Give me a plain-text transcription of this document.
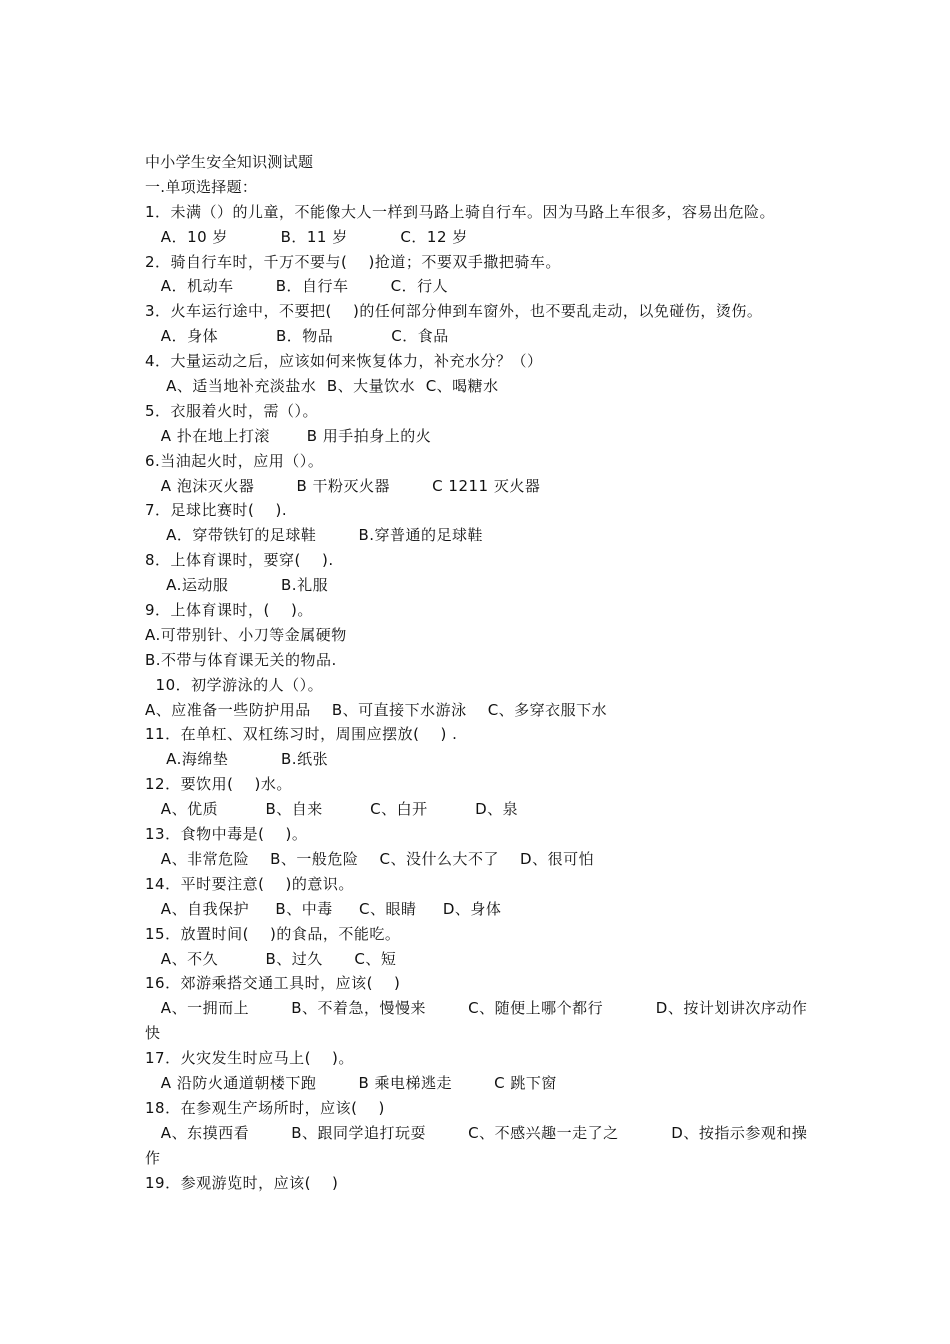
中小学生安全知识测试题
一.单项选择题：
1．未满（）的儿童，不能像大人一样到马路上骑自行车。因为马路上车很多，容易出危险。
A．10 岁          B．11 岁          C．12 岁
2．骑自行车时，千万不要与(    )抢道；不要双手撒把骑车。
A．机动车        B．自行车        C．行人
3．火车运行途中，不要把(    )的任何部分伸到车窗外，也不要乱走动，以免碰伤，烫伤。
A．身体           B．物品           C．食品
4．大量运动之后，应该如何来恢复体力，补充水分？（）
A、适当地补充淡盐水  B、大量饮水  C、喝糖水
5．衣服着火时，需（）。
A 扑在地上打滚       B 用手拍身上的火
6.当油起火时，应用（）。
A 泡沫灭火器        B 干粉灭火器        C 1211 灭火器
7．足球比赛时(    ).
A．穿带铁钉的足球鞋        B.穿普通的足球鞋
8．上体育课时，要穿(    ).
A.运动服          B.礼服
9．上体育课时，(    )。
A.可带别针、小刀等金属硬物
B.不带与体育课无关的物品.
10．初学游泳的人（）。
A、应准备一些防护用品    B、可直接下水游泳    C、多穿衣服下水
11．在单杠、双杠练习时，周围应摆放(    ) .
A.海绵垫          B.纸张
12．要饮用(    )水。
A、优质         B、自来         C、白开         D、泉
13．食物中毒是(    )。
A、非常危险    B、一般危险    C、没什么大不了    D、很可怕
14．平时要注意(    )的意识。
A、自我保护     B、中毒     C、眼睛     D、身体
15．放置时间(    )的食品，不能吃。
A、不久         B、过久      C、短
16．郊游乘搭交通工具时，应该(    )
A、一拥而上        B、不着急，慢慢来        C、随便上哪个都行          D、按计划讲次序动作
快
17．火灾发生时应马上(    )。
A 沿防火通道朝楼下跑        B 乘电梯逃走        C 跳下窗
18．在参观生产场所时，应该(    )
A、东摸西看        B、跟同学追打玩耍        C、不感兴趣一走了之          D、按指示参观和操
作
19．参观游览时，应该(    )
